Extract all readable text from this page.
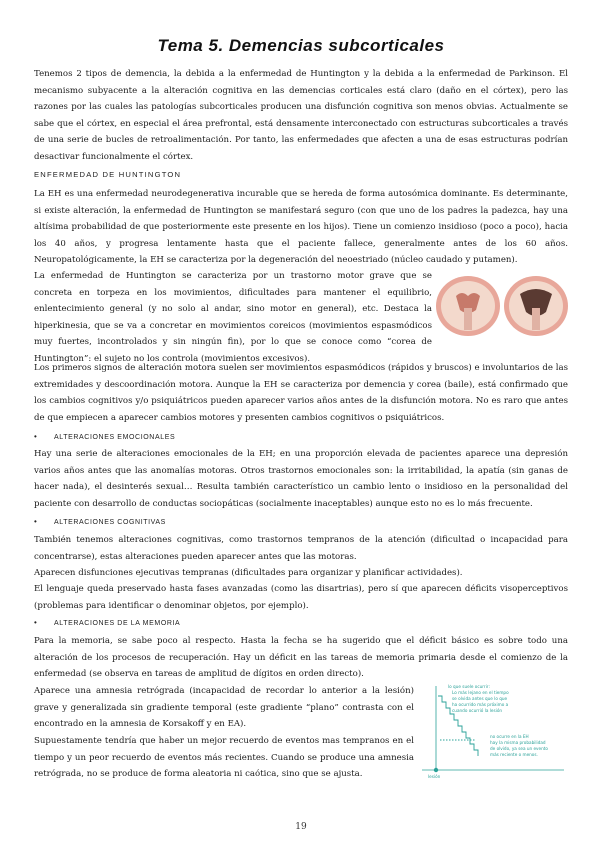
Tema 5. Demencias subcorticales

Tenemos 2 tipos de demencia, la debida a la enfermedad de Huntington y la debida a la enfermedad de Parkinson. El mecanismo subyacente a la alteración cognitiva en las demencias corticales está claro (daño en el córtex), pero las razones por las cuales las patologías subcorticales producen una disfunción cognitiva son menos obvias. Actualmente se sabe que el córtex, en especial el área prefrontal, está densamente interconectado con estructuras subcorticales a través de una serie de bucles de retroalimentación. Por tanto, las enfermedades que afecten a una de esas estructuras podrían desactivar funcionalmente el córtex.

ENFERMEDAD DE HUNTINGTON

La EH es una enfermedad neurodegenerativa incurable que se hereda de forma autosómica dominante. Es determinante, si existe alteración, la enfermedad de Huntington se manifestará seguro (con que uno de los padres la padezca, hay una altísima probabilidad de que posteriormente este presente en los hijos). Tiene un comienzo insidioso (poco a poco), hacia los 40 años, y progresa lentamente hasta que el paciente fallece, generalmente antes de los 60 años. Neuropatológicamente, la EH se caracteriza por la degeneración del neoestriado (núcleo caudado y putamen).

La enfermedad de Huntington se caracteriza por un trastorno motor grave que se concreta en torpeza en los movimientos, dificultades para mantener el equilibrio, enlentecimiento general (y no solo al andar, sino motor en general), etc. Destaca la hiperkinesia, que se va a concretar en movimientos coreicos (movimientos espasmódicos muy fuertes, incontrolados y sin ningún fin), por lo que se conoce como “corea de Huntington”: el sujeto no los controla (movimientos excesivos).

Los primeros signos de alteración motora suelen ser movimientos espasmódicos (rápidos y bruscos) e involuntarios de las extremidades y descoordinación motora. Aunque la EH se caracteriza por demencia y corea (baile), está confirmado que los cambios cognitivos y/o psiquiátricos pueden aparecer varios años antes de la disfunción motora. No es raro que antes de que empiecen a aparecer cambios motores y presenten cambios cognitivos o psiquiátricos.

• ALTERACIONES EMOCIONALES

Hay una serie de alteraciones emocionales de la EH; en una proporción elevada de pacientes aparece una depresión varios años antes que las anomalías motoras. Otros trastornos emocionales son: la irritabilidad, la apatía (sin ganas de hacer nada), el desinterés sexual… Resulta también característico un cambio lento o insidioso en la personalidad del paciente con desarrollo de conductas sociopáticas (socialmente inaceptables) aunque esto no es lo más frecuente.

• ALTERACIONES COGNITIVAS

También tenemos alteraciones cognitivas, como trastornos tempranos de la atención (dificultad o incapacidad para concentrarse), estas alteraciones pueden aparecer antes que las motoras.

Aparecen disfunciones ejecutivas tempranas (dificultades para organizar y planificar actividades).

El lenguaje queda preservado hasta fases avanzadas (como las disartrias), pero sí que aparecen déficits visoperceptivos (problemas para identificar o denominar objetos, por ejemplo).

• ALTERACIONES DE LA MEMORIA

Para la memoria, se sabe poco al respecto. Hasta la fecha se ha sugerido que el déficit básico es sobre todo una alteración de los procesos de recuperación. Hay un déficit en las tareas de memoria primaria desde el comienzo de la enfermedad (se observa en tareas de amplitud de dígitos en orden directo).

Aparece una amnesia retrógrada (incapacidad de recordar lo anterior a la lesión) grave y generalizada sin gradiente temporal (este gradiente “plano” contrasta con el encontrado en la amnesia de Korsakoff y en EA).

Supuestamente tendría que haber un mejor recuerdo de eventos mas tempranos en el tiempo y un peor recuerdo de eventos más recientes. Cuando se produce una amnesia retrógrada, no se produce de forma aleatoria ni caótica, sino que se ajusta.

lo que suele ocurrir:
Lo más lejano en el tiempo
se olvida antes que lo que
ha ocurrido más próximo a
cuando ocurrió la lesión
no ocurre en la EH
hay la misma probabilidad
de olvido, ya sea un evento
más reciente o menos.
lesión
19
